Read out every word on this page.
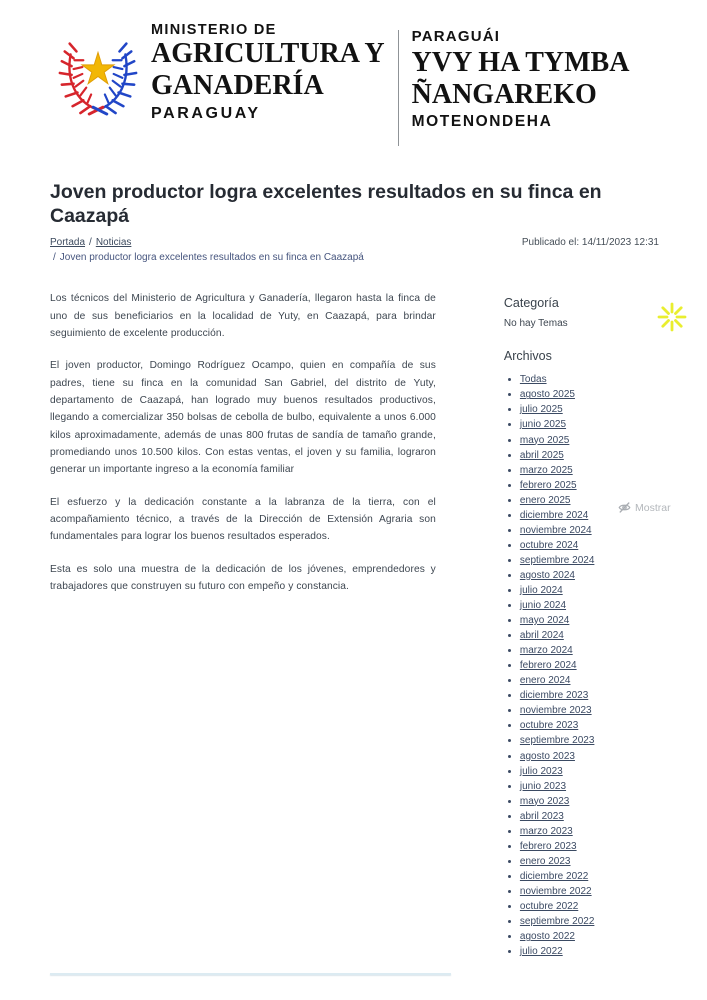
MINISTERIO DE
AGRICULTURA Y
GANADERÍA
PARAGUAY
PARAGUÁI
YVY HA TYMBA
ÑANGAREKO
MOTENONDEHA
Joven productor logra excelentes resultados en su finca en Caazapá
Portada / Noticias	Publicado el: 14/11/2023 12:31
/ Joven productor logra excelentes resultados en su finca en Caazapá

Los técnicos del Ministerio de Agricultura y Ganadería, llegaron hasta la finca de uno de sus beneficiarios en la localidad de Yuty, en Caazapá, para brindar seguimiento de excelente producción.

El joven productor, Domingo Rodríguez Ocampo, quien en compañía de sus padres, tiene su finca en la comunidad San Gabriel, del distrito de Yuty, departamento de Caazapá, han logrado muy buenos resultados productivos, llegando a comercializar 350 bolsas de cebolla de bulbo, equivalente a unos 6.000 kilos aproximadamente, además de unas 800 frutas de sandía de tamaño grande, promediando unos 10.500 kilos. Con estas ventas, el joven y su familia, lograron generar un importante ingreso a la economía familiar

El esfuerzo y la dedicación constante a la labranza de la tierra, con el acompañamiento técnico, a través de la Dirección de Extensión Agraria son fundamentales para lograr los buenos resultados esperados.

Esta es solo una muestra de la dedicación de los jóvenes, emprendedores y trabajadores que construyen su futuro con empeño y constancia.

Categoría
No hay Temas
Archivos
• Todas
• agosto 2025
• julio 2025
• junio 2025
• mayo 2025
• abril 2025
• marzo 2025
• febrero 2025
• enero 2025
• diciembre 2024
• noviembre 2024
• octubre 2024
• septiembre 2024
• agosto 2024
• julio 2024
• junio 2024
• mayo 2024
• abril 2024
• marzo 2024
• febrero 2024
• enero 2024
• diciembre 2023
• noviembre 2023
• octubre 2023
• septiembre 2023
• agosto 2023
• julio 2023
• junio 2023
• mayo 2023
• abril 2023
• marzo 2023
• febrero 2023
• enero 2023
• diciembre 2022
• noviembre 2022
• octubre 2022
• septiembre 2022
• agosto 2022
• julio 2022
Mostrar
